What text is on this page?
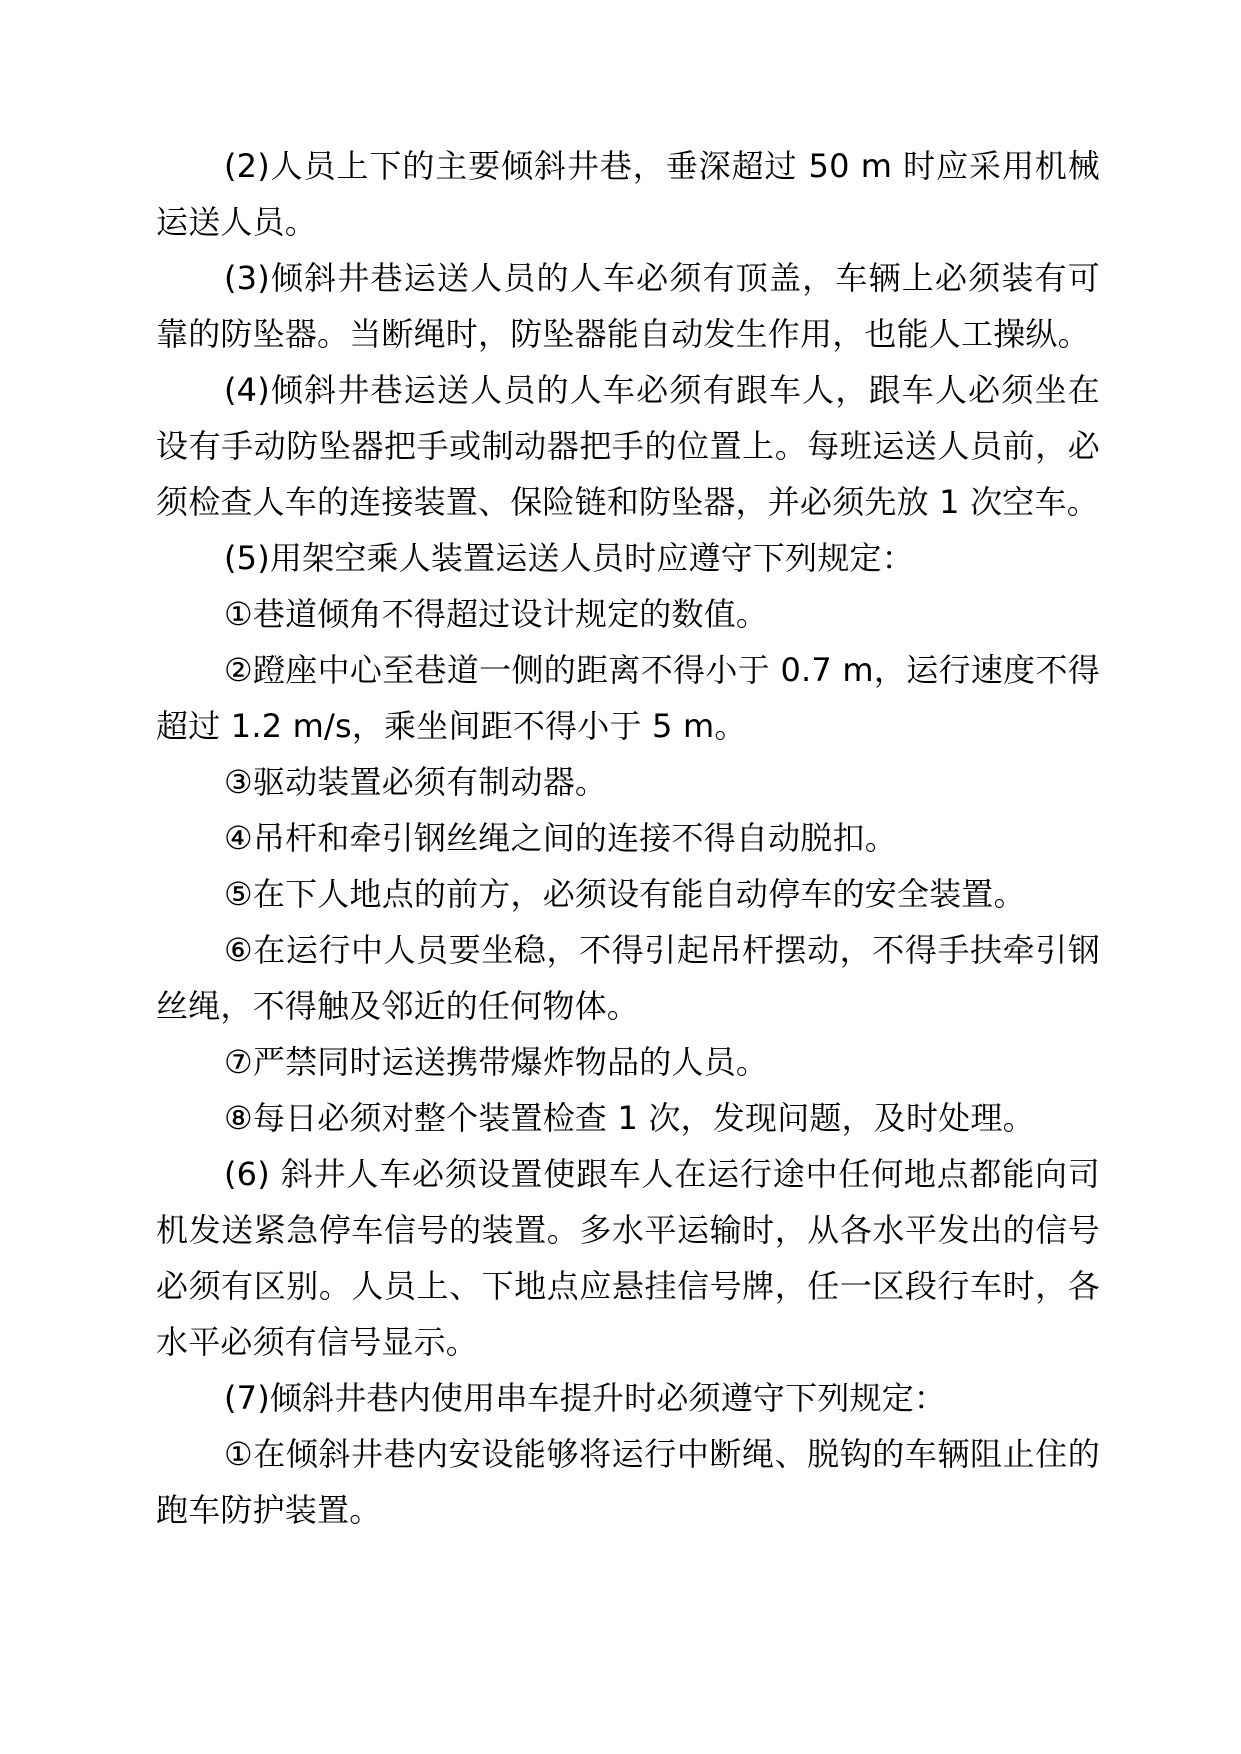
(2)人员上下的主要倾斜井巷，垂深超过 50 m 时应采用机械运送人员。

(3)倾斜井巷运送人员的人车必须有顶盖，车辆上必须装有可靠的防坠器。当断绳时，防坠器能自动发生作用，也能人工操纵。

(4)倾斜井巷运送人员的人车必须有跟车人，跟车人必须坐在设有手动防坠器把手或制动器把手的位置上。每班运送人员前，必须检查人车的连接装置、保险链和防坠器，并必须先放 1 次空车。

(5)用架空乘人装置运送人员时应遵守下列规定：

①巷道倾角不得超过设计规定的数值。

②蹬座中心至巷道一侧的距离不得小于 0.7 m，运行速度不得超过 1.2 m/s，乘坐间距不得小于 5 m。

③驱动装置必须有制动器。

④吊杆和牵引钢丝绳之间的连接不得自动脱扣。

⑤在下人地点的前方，必须设有能自动停车的安全装置。

⑥在运行中人员要坐稳，不得引起吊杆摆动，不得手扶牵引钢丝绳，不得触及邻近的任何物体。

⑦严禁同时运送携带爆炸物品的人员。

⑧每日必须对整个装置检查 1 次，发现问题，及时处理。

(6) 斜井人车必须设置使跟车人在运行途中任何地点都能向司机发送紧急停车信号的装置。多水平运输时，从各水平发出的信号必须有区别。人员上、下地点应悬挂信号牌，任一区段行车时，各水平必须有信号显示。

(7)倾斜井巷内使用串车提升时必须遵守下列规定：

①在倾斜井巷内安设能够将运行中断绳、脱钩的车辆阻止住的跑车防护装置。
